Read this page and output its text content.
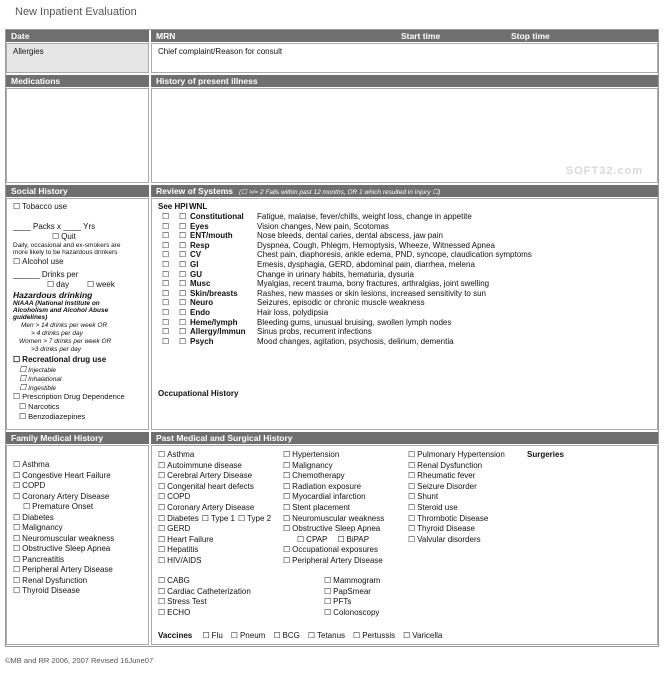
New Inpatient Evaluation
Date	MRN	Start time	Stop time
Allergies	Chief complaint/Reason for consult
Medications	History of present illness
SOFT32.com
Social History	Review of Systems (☐ >/= 2 Falls within past 12 months, OR 1 which resulted in Injury ☐)
☐ Tobacco use
____ Packs x ____ Yrs
☐ Quit
Daily, occasional and ex-smokers are
more likely to be hazardous drinkers
☐ Alcohol use
______ Drinks per
☐ day	☐ week
Hazardous drinking
NIAAA (National Institute on
Alcoholism and Alcohol Abuse
guidelines)
Men > 14 drinks per week OR
> 4 drinks per day
Women > 7 drinks per week OR
>3 drinks per day
☐ Recreational drug use
☐ Injectable
☐ Inhalational
☐ Ingestible
☐ Prescription Drug Dependence
☐ Narcotics
☐ Benzodiazepines
See HPI WNL
☐
☐
Constitutional Fatigue, malaise, fever/chills, weight loss, change in appetite
☐
☐
Eyes	Vision changes, New pain, Scotomas
☐
☐
ENT/mouth	Nose bleeds, dental caries, dental abscess, jaw pain
☐
☐
Resp	Dyspnea, Cough, Phlegm, Hemoptysis, Wheeze, Witnessed Apnea
☐
☐
CV	Chest pain, diaphoresis, ankle edema, PND, syncope, claudication symptoms
☐
☐
GI	Emesis, dysphagia, GERD, abdominal pain, diarrhea, melena
☐
☐
GU	Change in urinary habits, hematuria, dysuria
☐
☐
Musc	Myalgias, recent trauma, bony fractures, arthralgias, joint swelling
☐
☐
Skin/breasts Rashes, new masses or skin lesions, increased sensitivity to sun
☐
☐
Neuro	Seizures, episodic or chronic muscle weakness
☐
☐
Endo	Hair loss, polydipsia
☐
☐
Heme/lymph Bleeding gums, unusual bruising, swollen lymph nodes
☐
☐
Allergy/Immun Sinus probs, recurrent infections
☐
☐
Psych	Mood changes, agitation, psychosis, delirium, dementia
Occupational History
Family Medical History	Past Medical and Surgical History
☐ Asthma
☐ Congestive Heart Failure
☐ COPD
☐ Coronary Artery Disease
☐ Premature Onset
☐ Diabetes
☐ Malignancy
☐ Neuromuscular weakness
☐ Obstructive Sleep Apnea
☐ Pancreatitis
☐ Peripheral Artery Disease
☐ Renal Dysfunction
☐ Thyroid Disease
☐ Asthma
☐ Autoimmune disease
☐ Cerebral Artery Disease
☐ Congenital heart defects
☐ COPD
☐ Coronary Artery Disease
☐ Diabetes ☐ Type 1 ☐ Type 2
☐ GERD
☐ Heart Failure
☐ Hepatitis
☐ HIV/AIDS
☐ Hypertension
☐ Malignancy
☐ Chemotherapy
☐ Radiation exposure
☐ Myocardial infarction
☐ Stent placement
☐ Neuromuscular weakness
☐ Obstructive Sleep Apnea
☐ CPAP ☐ BiPAP
☐ Occupational exposures
☐ Peripheral Artery Disease
☐ Pulmonary Hypertension
☐ Renal Dysfunction
☐ Rheumatic fever
☐ Seizure Disorder
☐ Shunt
☐ Steroid use
☐ Thrombotic Disease
☐ Thyroid Disease
☐ Valvular disorders
Surgeries
☐ CABG
☐ Cardiac Catheterization
☐ Stress Test
☐ ECHO
☐ Mammogram
☐ PapSmear
☐ PFTs
☐ Colonoscopy
Vaccines ☐ Flu ☐ Pneum ☐ BCG ☐ Tetanus ☐ Pertussis ☐ Varicella
©MB and RR 2006, 2007 Revised 16June07
